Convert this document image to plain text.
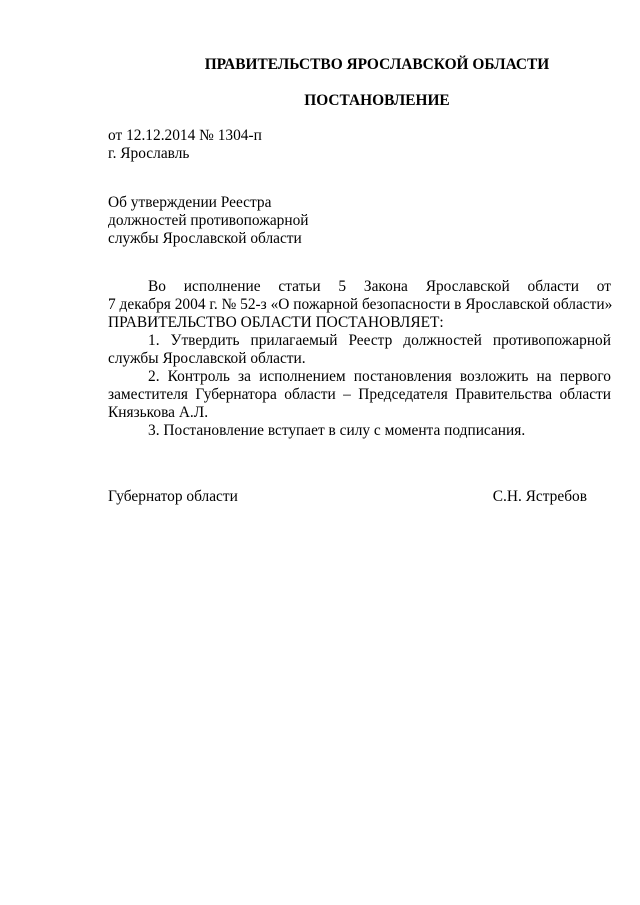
ПРАВИТЕЛЬСТВО ЯРОСЛАВСКОЙ ОБЛАСТИ
ПОСТАНОВЛЕНИЕ
от 12.12.2014 № 1304-п
г. Ярославль
Об утверждении Реестра
должностей противопожарной
службы Ярославской области
Во исполнение статьи 5 Закона Ярославской области от
7 декабря 2004 г. № 52-з «О пожарной безопасности в Ярославской области»
ПРАВИТЕЛЬСТВО ОБЛАСТИ ПОСТАНОВЛЯЕТ:
1. Утвердить прилагаемый Реестр должностей противопожарной
службы Ярославской области.
2. Контроль за исполнением постановления возложить на первого
заместителя Губернатора области – Председателя Правительства области
Князькова А.Л.
3. Постановление вступает в силу с момента подписания.
Губернатор области	С.Н. Ястребов
